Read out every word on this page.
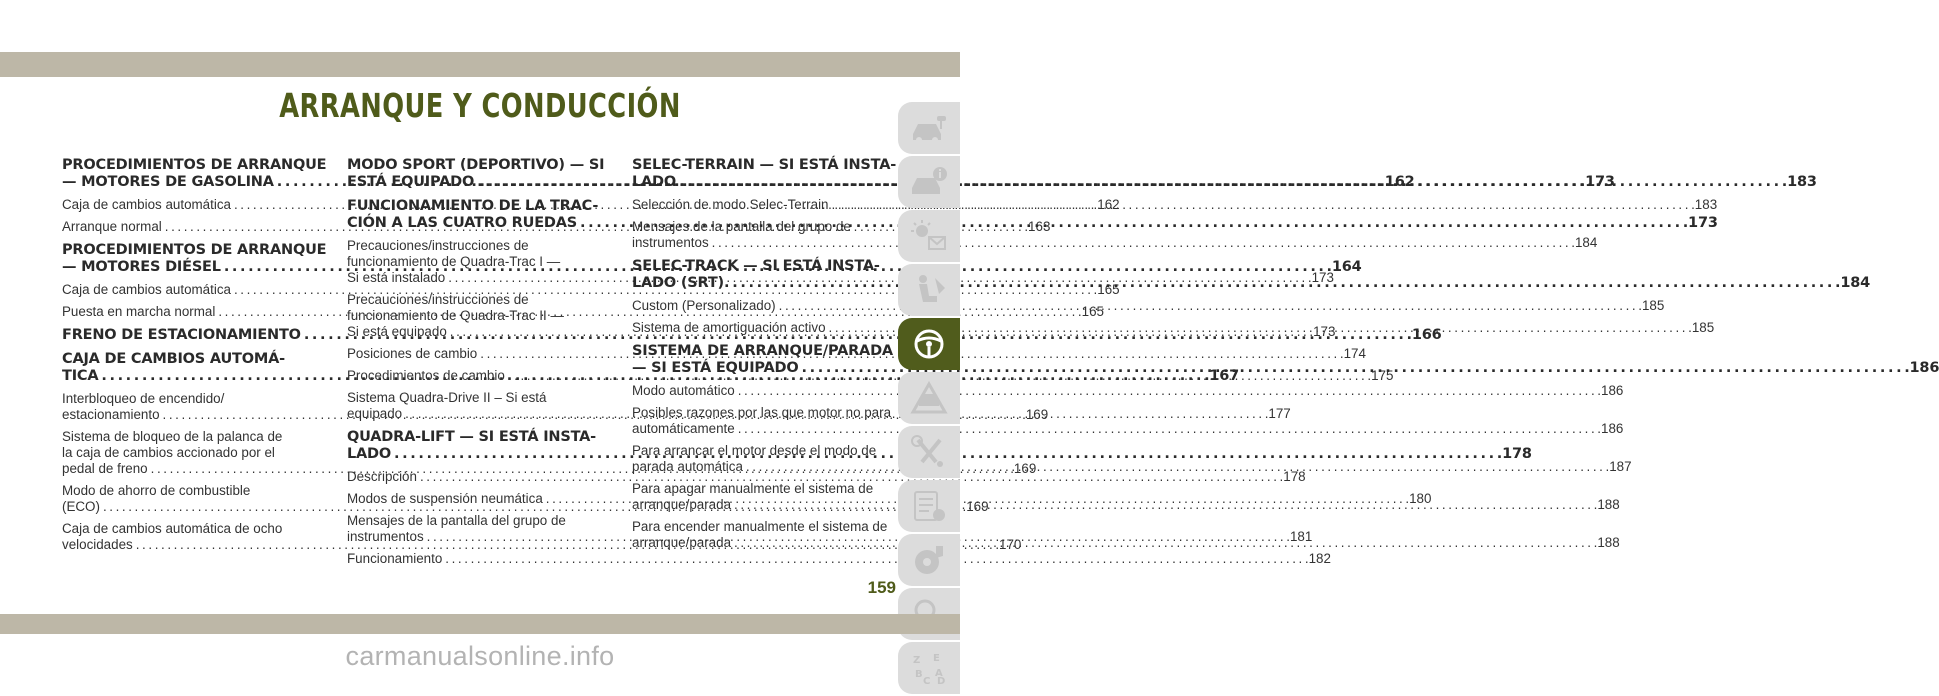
ARRANQUE Y CONDUCCIÓN
PROCEDIMIENTOS DE ARRANQUE
— MOTORES DE GASOLINA .....	.162
Caja de cambios automática .....	.162
Arranque normal .....	.163
PROCEDIMIENTOS DE ARRANQUE
— MOTORES DIÉSEL .....	.164
Caja de cambios automática .....	.165
Puesta en marcha normal .....	.165
FRENO DE ESTACIONAMIENTO .....	.166
CAJA DE CAMBIOS AUTOMÁ-
TICA .....	.167
Interbloqueo de encendido/
estacionamiento .....	.169
Sistema de bloqueo de la palanca de
la caja de cambios accionado por el
pedal de freno .....	.169
Modo de ahorro de combustible
(ECO) .....	.169
Caja de cambios automática de ocho
velocidades .....	.170
MODO SPORT (DEPORTIVO) — SI
ESTÁ EQUIPADO .....	.173
FUNCIONAMIENTO DE LA TRAC-
CIÓN A LAS CUATRO RUEDAS .....	.173
Precauciones/instrucciones de
funcionamiento de Quadra-Trac I —
Si está instalado .....	.173
Precauciones/instrucciones de
funcionamiento de Quadra-Trac II —
Si está equipado .....	.173
Posiciones de cambio .....	.174
Procedimientos de cambio .....	.175
Sistema Quadra-Drive II – Si está
equipado .....	.177
QUADRA-LIFT — SI ESTÁ INSTA-
LADO .....	.178
Descripción .....	.178
Modos de suspensión neumática .....	.180
Mensajes de la pantalla del grupo de
instrumentos .....	.181
Funcionamiento .....	.182
SELEC-TERRAIN — SI ESTÁ INSTA-
LADO .....	.183
Selección de modo Selec-Terrain .....	.183
Mensajes de la pantalla del grupo de
instrumentos .....	.184
SELEC-TRACK — SI ESTÁ INSTA-
LADO (SRT). .....	.184
Custom (Personalizado) .....	.185
Sistema de amortiguación activo .....	.185
SISTEMA DE ARRANQUE/PARADA
— SI ESTÁ EQUIPADO .....	.186
Modo automático .....	.186
Posibles razones por las que motor no para
automáticamente .....	.186
Para arrancar el motor desde el modo de
parada automática .....	.187
Para apagar manualmente el sistema de
arranque/parada .....	.188
Para encender manualmente el sistema de
arranque/parada .....	.188
Z E
B A
C D
159
carmanualsonline.info
